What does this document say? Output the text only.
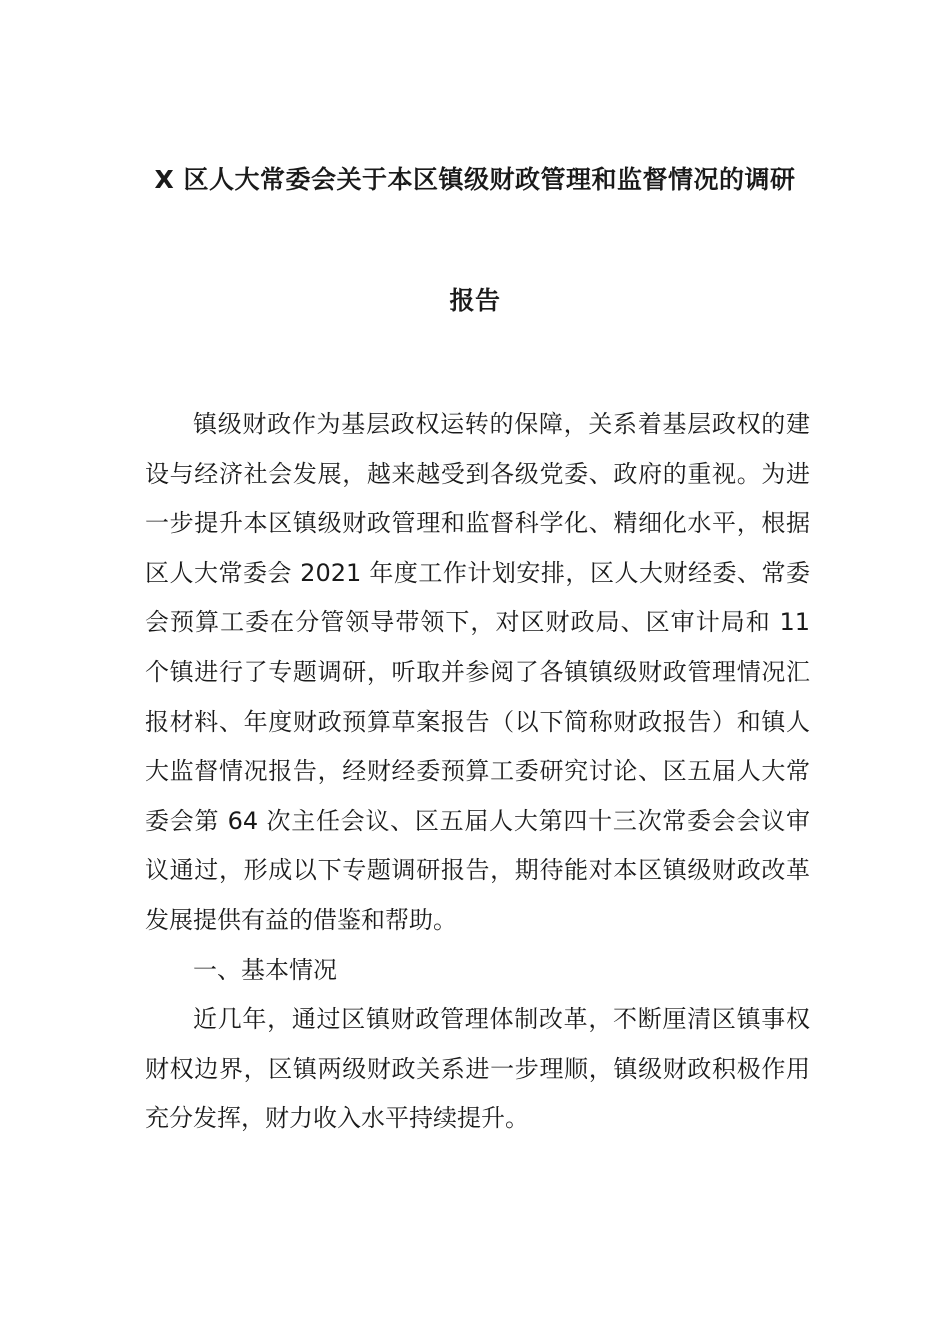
X 区人大常委会关于本区镇级财政管理和监督情况的调研
报告

镇级财政作为基层政权运转的保障，关系着基层政权的建设与经济社会发展，越来越受到各级党委、政府的重视。为进一步提升本区镇级财政管理和监督科学化、精细化水平，根据区人大常委会 2021 年度工作计划安排，区人大财经委、常委会预算工委在分管领导带领下，对区财政局、区审计局和 11 个镇进行了专题调研，听取并参阅了各镇镇级财政管理情况汇报材料、年度财政预算草案报告（以下简称财政报告）和镇人大监督情况报告，经财经委预算工委研究讨论、区五届人大常委会第 64 次主任会议、区五届人大第四十三次常委会会议审议通过，形成以下专题调研报告，期待能对本区镇级财政改革发展提供有益的借鉴和帮助。

一、基本情况

近几年，通过区镇财政管理体制改革，不断厘清区镇事权财权边界，区镇两级财政关系进一步理顺，镇级财政积极作用充分发挥，财力收入水平持续提升。
